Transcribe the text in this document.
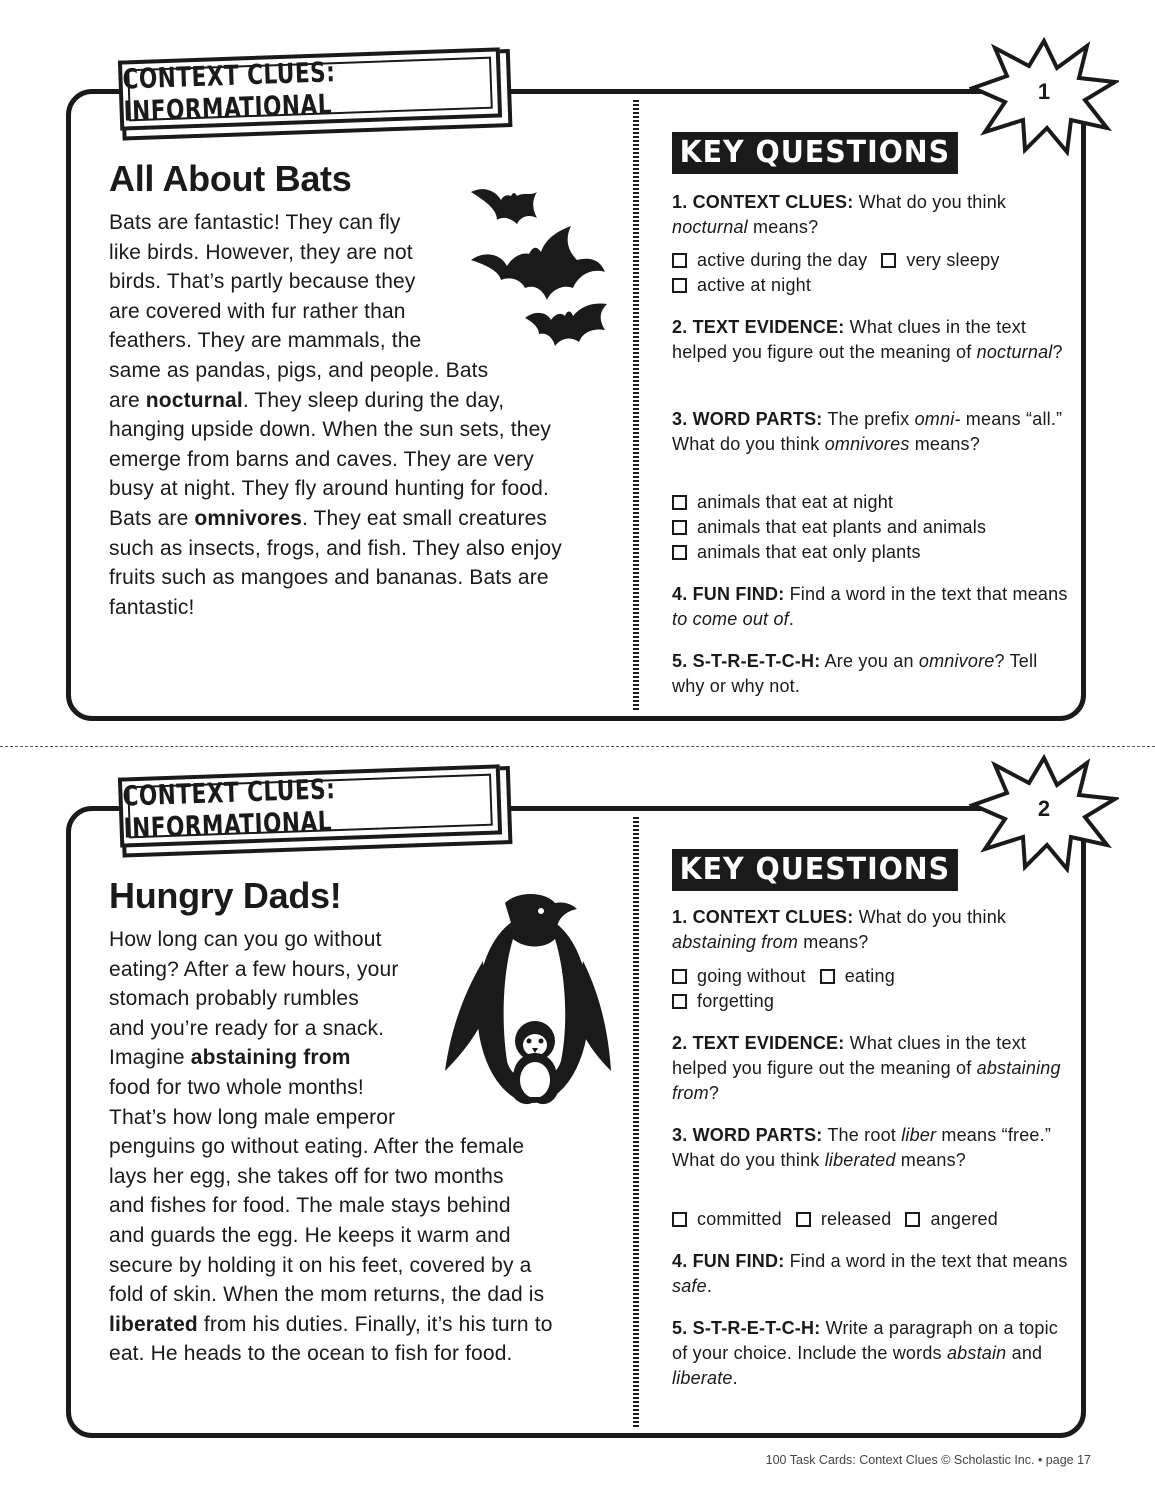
CONTEXT CLUES: INFORMATIONAL	1
All About Bats
Bats are fantastic! They can fly
like birds. However, they are not
birds. That’s partly because they
are covered with fur rather than
feathers. They are mammals, the
same as pandas, pigs, and people. Bats
are nocturnal. They sleep during the day,
hanging upside down. When the sun sets, they
emerge from barns and caves. They are very
busy at night. They fly around hunting for food.
Bats are omnivores. They eat small creatures
such as insects, frogs, and fish. They also enjoy
fruits such as mangoes and bananas. Bats are
fantastic!
KEY QUESTIONS
1. CONTEXT CLUES: What do you think nocturnal means?
active during the day very sleepy
active at night
2. TEXT EVIDENCE: What clues in the text helped you figure out the meaning of nocturnal?
3. WORD PARTS: The prefix omni- means “all.” What do you think omnivores means?
animals that eat at night
animals that eat plants and animals
animals that eat only plants
4. FUN FIND: Find a word in the text that means to come out of.
5. S-T-R-E-T-C-H: Are you an omnivore? Tell why or why not.
CONTEXT CLUES: INFORMATIONAL	2
Hungry Dads!
How long can you go without
eating? After a few hours, your
stomach probably rumbles
and you’re ready for a snack.
Imagine abstaining from
food for two whole months!
That’s how long male emperor
penguins go without eating. After the female
lays her egg, she takes off for two months
and fishes for food. The male stays behind
and guards the egg. He keeps it warm and
secure by holding it on his feet, covered by a
fold of skin. When the mom returns, the dad is
liberated from his duties. Finally, it’s his turn to
eat. He heads to the ocean to fish for food.
KEY QUESTIONS
1. CONTEXT CLUES: What do you think abstaining from means?
going without eating
forgetting
2. TEXT EVIDENCE: What clues in the text helped you figure out the meaning of abstaining from?
3. WORD PARTS: The root liber means “free.” What do you think liberated means?
committed released angered
4. FUN FIND: Find a word in the text that means safe.
5. S-T-R-E-T-C-H: Write a paragraph on a topic of your choice. Include the words abstain and liberate.
100 Task Cards: Context Clues © Scholastic Inc. • page 17
